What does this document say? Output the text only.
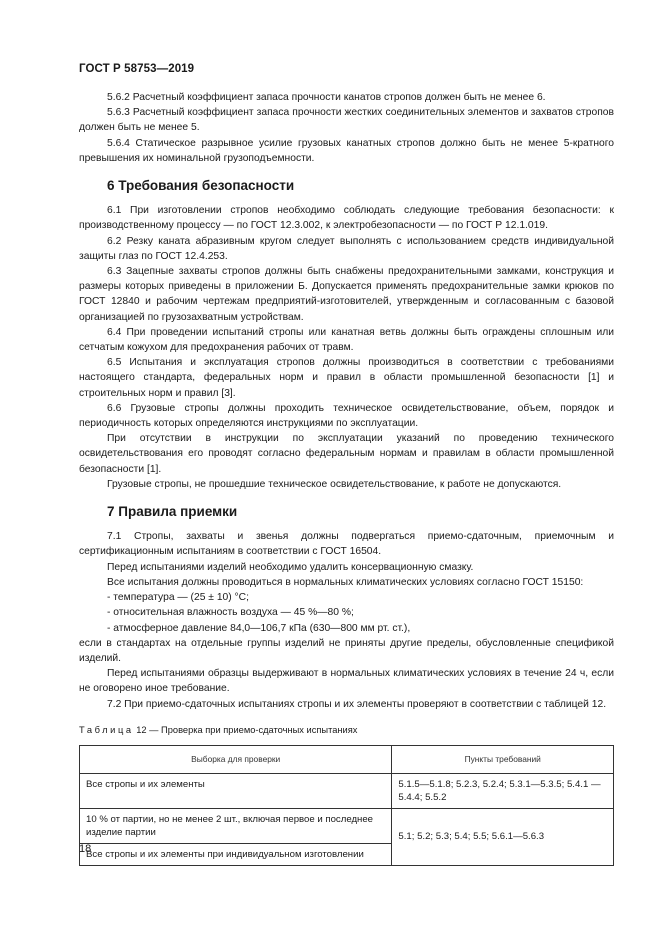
ГОСТ Р 58753—2019

5.6.2 Расчетный коэффициент запаса прочности канатов стропов должен быть не менее 6.

5.6.3 Расчетный коэффициент запаса прочности жестких соединительных элементов и захватов стропов должен быть не менее 5.

5.6.4 Статическое разрывное усилие грузовых канатных стропов должно быть не менее 5-кратного превышения их номинальной грузоподъемности.

6 Требования безопасности

6.1 При изготовлении стропов необходимо соблюдать следующие требования безопасности: к производственному процессу — по ГОСТ 12.3.002, к электробезопасности — по ГОСТ Р 12.1.019.

6.2 Резку каната абразивным кругом следует выполнять с использованием средств индивидуальной защиты глаз по ГОСТ 12.4.253.

6.3 Зацепные захваты стропов должны быть снабжены предохранительными замками, конструкция и размеры которых приведены в приложении Б. Допускается применять предохранительные замки крюков по ГОСТ 12840 и рабочим чертежам предприятий-изготовителей, утвержденным и согласованным с базовой организацией по грузозахватным устройствам.

6.4 При проведении испытаний стропы или канатная ветвь должны быть ограждены сплошным или сетчатым кожухом для предохранения рабочих от травм.

6.5 Испытания и эксплуатация стропов должны производиться в соответствии с требованиями настоящего стандарта, федеральных норм и правил в области промышленной безопасности [1] и строительных норм и правил [3].

6.6 Грузовые стропы должны проходить техническое освидетельствование, объем, порядок и периодичность которых определяются инструкциями по эксплуатации.

При отсутствии в инструкции по эксплуатации указаний по проведению технического освидетельствования его проводят согласно федеральным нормам и правилам в области промышленной безопасности [1].

Грузовые стропы, не прошедшие техническое освидетельствование, к работе не допускаются.

7 Правила приемки

7.1 Стропы, захваты и звенья должны подвергаться приемо-сдаточным, приемочным и сертификационным испытаниям в соответствии с ГОСТ 16504.

Перед испытаниями изделий необходимо удалить консервационную смазку.

Все испытания должны проводиться в нормальных климатических условиях согласно ГОСТ 15150:

- температура — (25 ± 10) °С;

- относительная влажность воздуха — 45 %—80 %;

- атмосферное давление 84,0—106,7 кПа (630—800 мм рт. ст.),

если в стандартах на отдельные группы изделий не приняты другие пределы, обусловленные спецификой изделий.

Перед испытаниями образцы выдерживают в нормальных климатических условиях в течение 24 ч, если не оговорено иное требование.

7.2 При приемо-сдаточных испытаниях стропы и их элементы проверяют в соответствии с таблицей 12.

Таблица 12 — Проверка при приемо-сдаточных испытаниях
Выборка для проверки	Пункты требований
Все стропы и их элементы	5.1.5—5.1.8; 5.2.3, 5.2.4; 5.3.1—5.3.5; 5.4.1 — 5.4.4; 5.5.2
10 % от партии, но не менее 2 шт., включая первое и последнее изделие партии	5.1; 5.2; 5.3; 5.4; 5.5; 5.6.1—5.6.3
Все стропы и их элементы при индивидуальном изготовлении	
18
